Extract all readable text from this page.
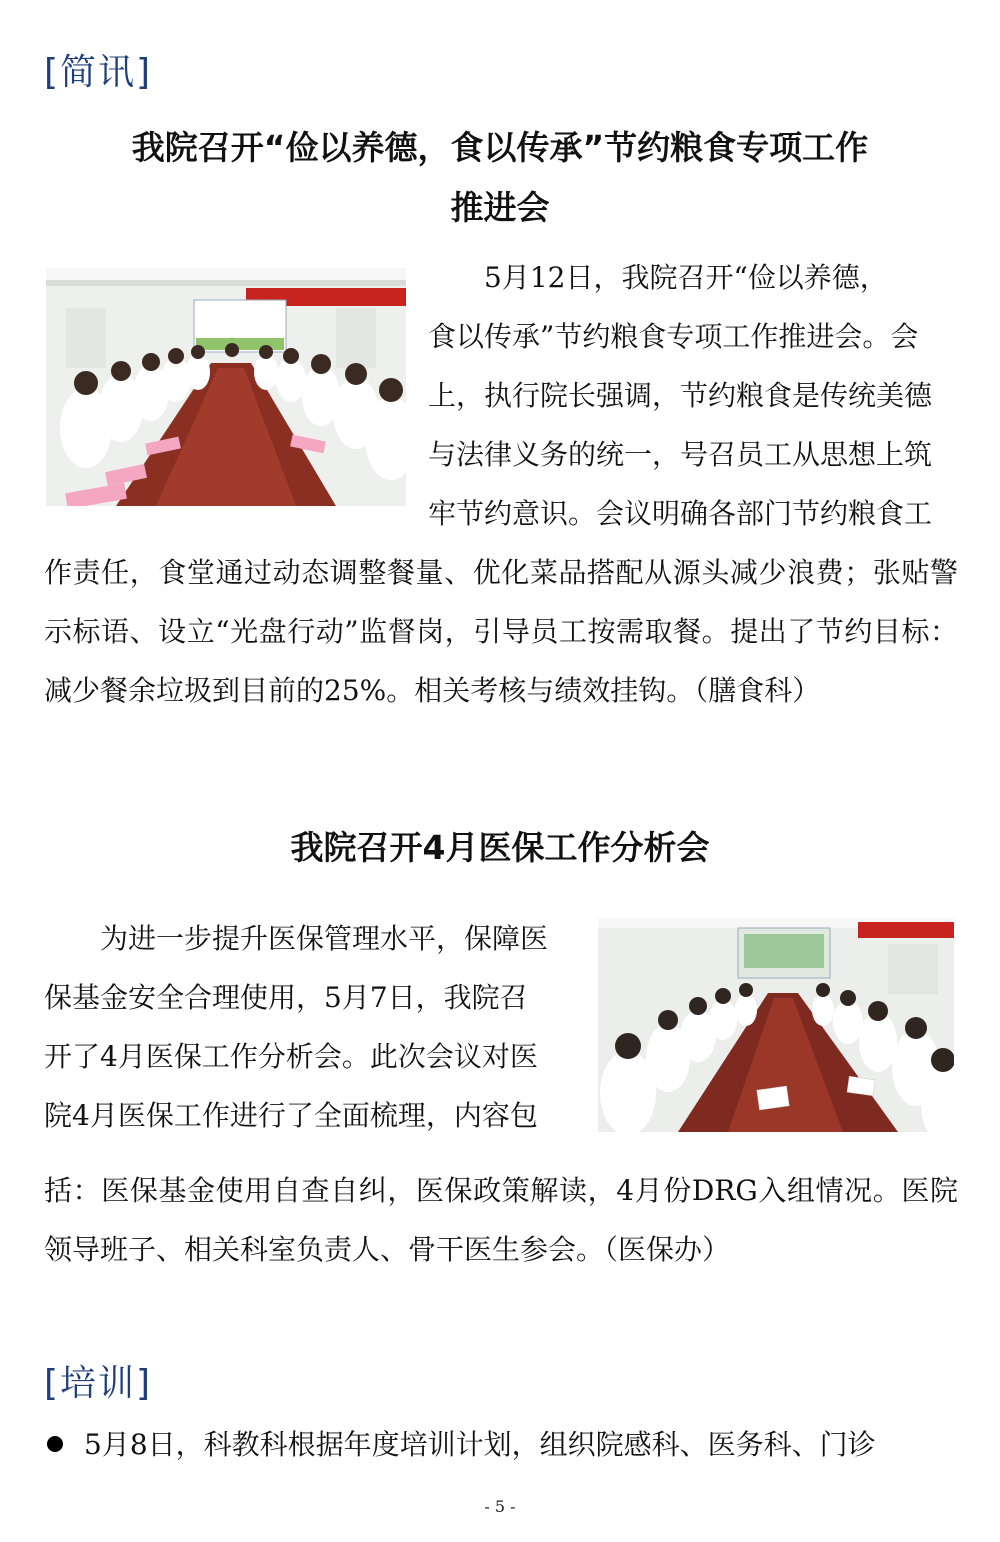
[简讯]
我院召开“俭以养德，食以传承”节约粮食专项工作
推进会
5月12日，我院召开“俭以养德，
食以传承”节约粮食专项工作推进会。会
上，执行院长强调，节约粮食是传统美德
与法律义务的统一，号召员工从思想上筑
牢节约意识。会议明确各部门节约粮食工

作责任，食堂通过动态调整餐量、优化菜品搭配从源头减少浪费；张贴警示标语、设立“光盘行动”监督岗，引导员工按需取餐。提出了节约目标：减少餐余垃圾到目前的25%。相关考核与绩效挂钩。（膳食科）

我院召开4月医保工作分析会
为进一步提升医保管理水平，保障医
保基金安全合理使用，5月7日，我院召
开了4月医保工作分析会。此次会议对医
院4月医保工作进行了全面梳理，内容包

括：医保基金使用自查自纠，医保政策解读，4月份DRG入组情况。医院领导班子、相关科室负责人、骨干医生参会。（医保办）

[培训]
5月8日，科教科根据年度培训计划，组织院感科、医务科、门诊
- 5 -
